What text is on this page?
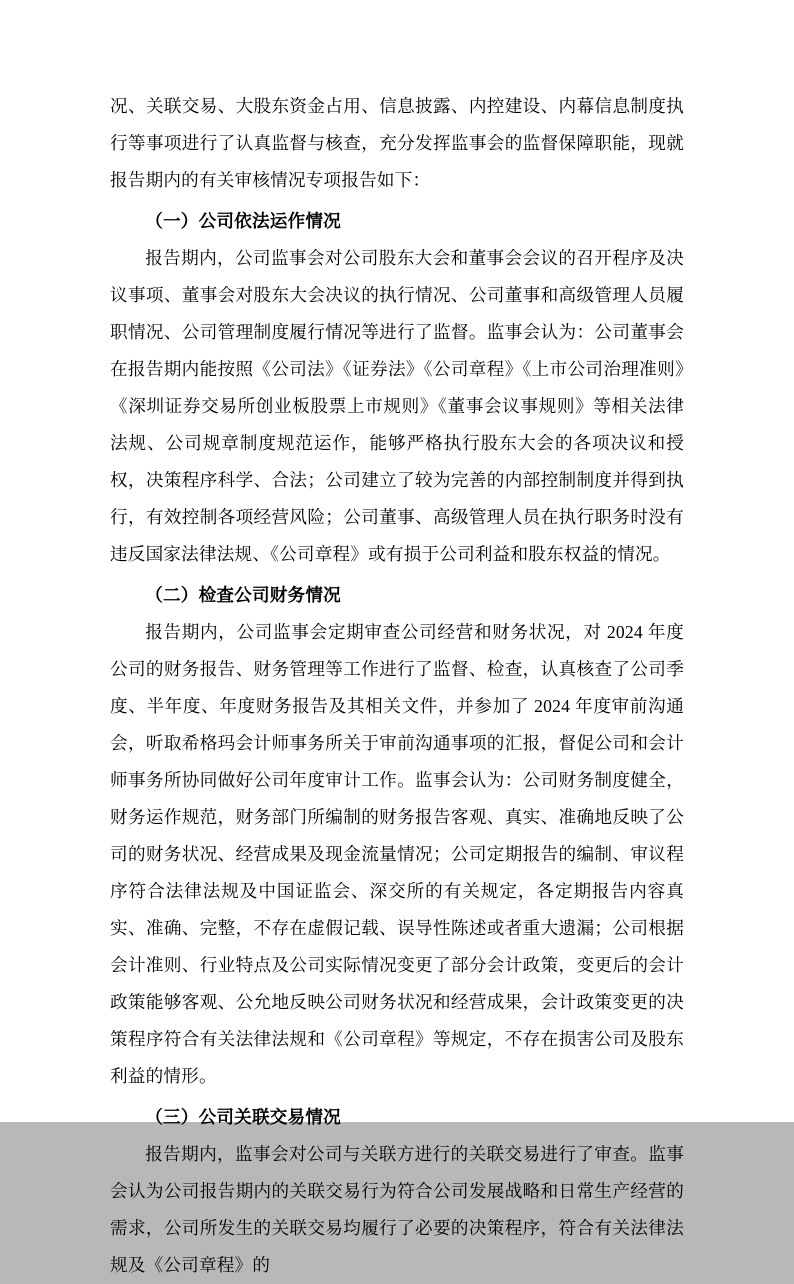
况、关联交易、大股东资金占用、信息披露、内控建设、内幕信息制度执行等事项进行了认真监督与核查，充分发挥监事会的监督保障职能，现就报告期内的有关审核情况专项报告如下：

（一）公司依法运作情况

报告期内，公司监事会对公司股东大会和董事会会议的召开程序及决议事项、董事会对股东大会决议的执行情况、公司董事和高级管理人员履职情况、公司管理制度履行情况等进行了监督。监事会认为：公司董事会在报告期内能按照《公司法》《证券法》《公司章程》《上市公司治理准则》《深圳证券交易所创业板股票上市规则》《董事会议事规则》等相关法律法规、公司规章制度规范运作，能够严格执行股东大会的各项决议和授权，决策程序科学、合法；公司建立了较为完善的内部控制制度并得到执行，有效控制各项经营风险；公司董事、高级管理人员在执行职务时没有违反国家法律法规、《公司章程》或有损于公司利益和股东权益的情况。

（二）检查公司财务情况

报告期内，公司监事会定期审查公司经营和财务状况，对 2024 年度公司的财务报告、财务管理等工作进行了监督、检查，认真核查了公司季度、半年度、年度财务报告及其相关文件，并参加了 2024 年度审前沟通会，听取希格玛会计师事务所关于审前沟通事项的汇报，督促公司和会计师事务所协同做好公司年度审计工作。监事会认为：公司财务制度健全，财务运作规范，财务部门所编制的财务报告客观、真实、准确地反映了公司的财务状况、经营成果及现金流量情况；公司定期报告的编制、审议程序符合法律法规及中国证监会、深交所的有关规定，各定期报告内容真实、准确、完整，不存在虚假记载、误导性陈述或者重大遗漏；公司根据会计准则、行业特点及公司实际情况变更了部分会计政策，变更后的会计政策能够客观、公允地反映公司财务状况和经营成果，会计政策变更的决策程序符合有关法律法规和《公司章程》等规定，不存在损害公司及股东利益的情形。

（三）公司关联交易情况

报告期内，监事会对公司与关联方进行的关联交易进行了审查。监事会认为公司报告期内的关联交易行为符合公司发展战略和日常生产经营的需求，公司所发生的关联交易均履行了必要的决策程序，符合有关法律法规及《公司章程》的
